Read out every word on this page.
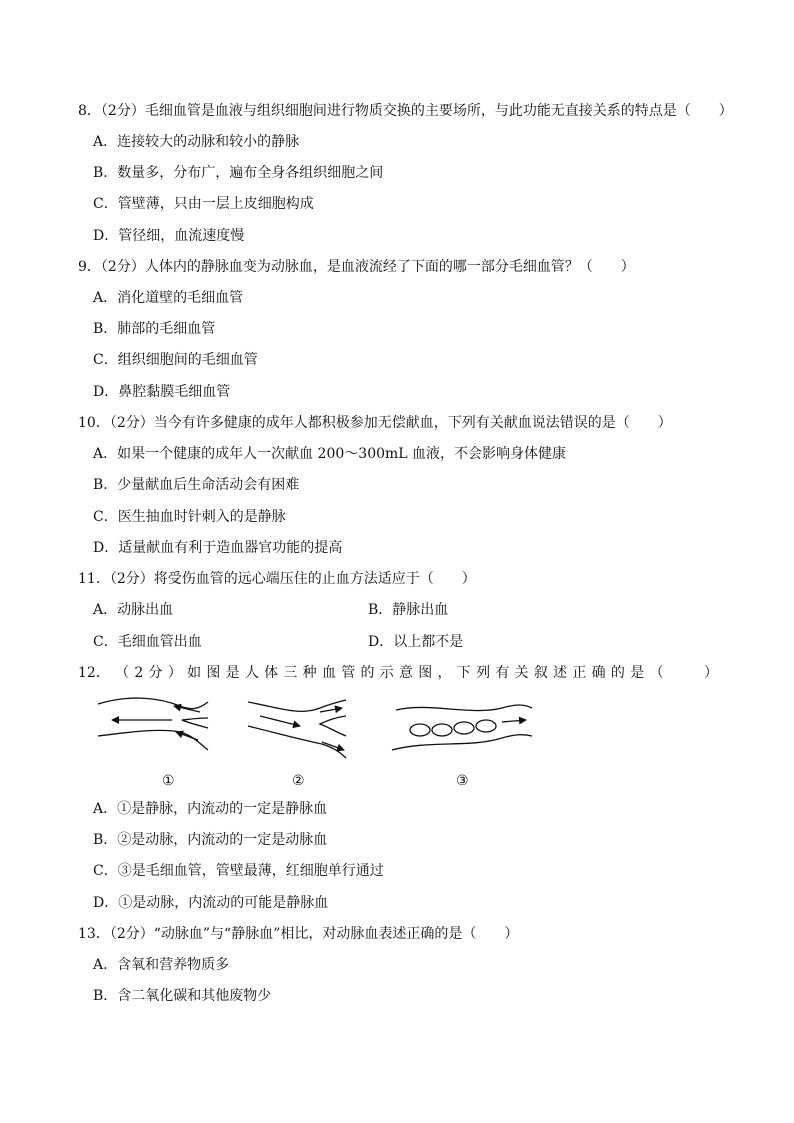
8．（2分）毛细血管是血液与组织细胞间进行物质交换的主要场所，与此功能无直接关系的特点是（　　）
A．连接较大的动脉和较小的静脉
B．数量多，分布广，遍布全身各组织细胞之间
C．管壁薄，只由一层上皮细胞构成
D．管径细，血流速度慢
9．（2分）人体内的静脉血变为动脉血，是血液流经了下面的哪一部分毛细血管？（　　）
A．消化道壁的毛细血管
B．肺部的毛细血管
C．组织细胞间的毛细血管
D．鼻腔黏膜毛细血管
10．（2分）当今有许多健康的成年人都积极参加无偿献血，下列有关献血说法错误的是（　　）
A．如果一个健康的成年人一次献血 200～300mL 血液，不会影响身体健康
B．少量献血后生命活动会有困难
C．医生抽血时针刺入的是静脉
D．适量献血有利于造血器官功能的提高
11．（2分）将受伤血管的远心端压住的止血方法适应于（　　）
A．动脉出血	B．静脉出血
C．毛细血管出血	D．以上都不是
12． （ 2 分 ） 如 图 是 人 体 三 种 血 管 的 示 意 图 ， 下 列 有 关 叙 述 正 确 的 是 （	）
①	②	③
A．①是静脉，内流动的一定是静脉血
B．②是动脉，内流动的一定是动脉血
C．③是毛细血管，管壁最薄，红细胞单行通过
D．①是动脉，内流动的可能是静脉血
13．（2分）“动脉血”与“静脉血”相比，对动脉血表述正确的是（　　）
A．含氧和营养物质多
B．含二氧化碳和其他废物少
